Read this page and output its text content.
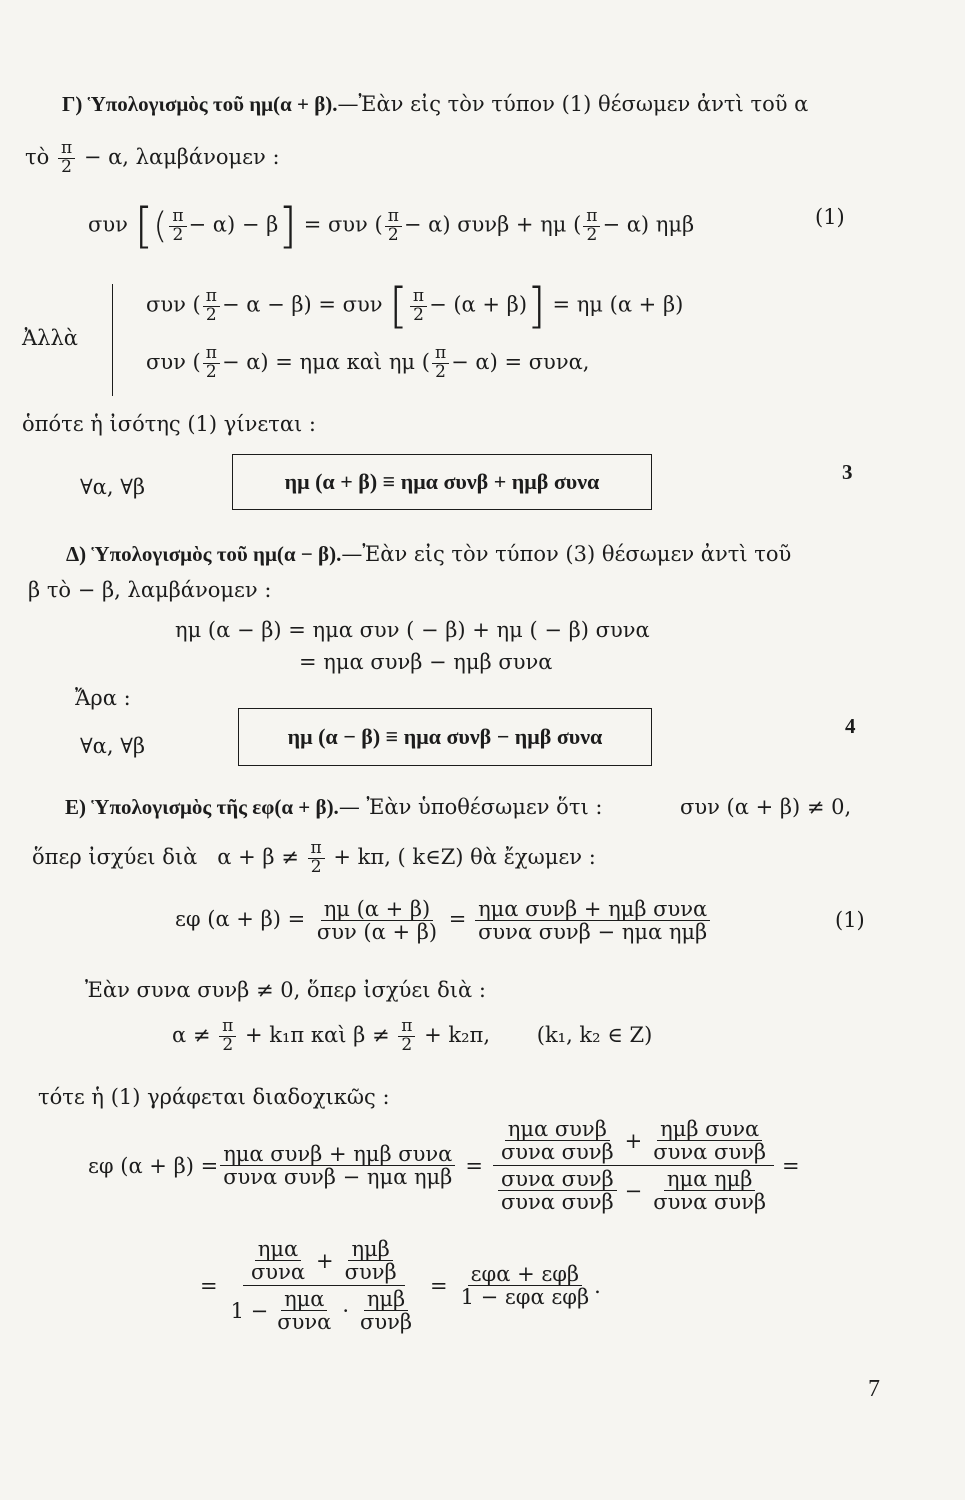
Γ) Ὑπολογισμὸς τοῦ ημ(α + β).—Ἐὰν εἰς τὸν τύπον (1) θέσωμεν ἀντὶ τοῦ α
τὸ $\frac{\pi}{2} - \alpha$, λαμβάνομεν :
συν [( $\frac{\pi}{2} - \alpha) - \beta] = \sigma\upsilon\nu$ ( $\frac{\pi}{2} - \alpha$) συνβ + ημ ( $\frac{\pi}{2} - \alpha$) ημβ	(1)
Ἀλλὰ
συν ( $\frac{\pi}{2} - \alpha - \beta) = \sigma\upsilon\nu$ [ $\frac{\pi}{2} - (\alpha + \beta)] = \eta\mu$ (α + β)
συν ( $\frac{\pi}{2} - \alpha) = \eta\mu\alpha$ καὶ ημ ( $\frac{\pi}{2} - \alpha) = \sigma\upsilon\nu\alpha$,
ὁπότε ἡ ἰσότης (1) γίνεται :
∀α, ∀β	ημ (α + β) ≡ ημα συνβ + ημβ συνα	3
Δ) Ὑπολογισμὸς τοῦ ημ(α − β).—Ἐὰν εἰς τὸν τύπον (3) θέσωμεν ἀντὶ τοῦ
β τὸ − β, λαμβάνομεν :
ημ (α − β) = ημα συν ( − β) + ημ ( − β) συνα
= ημα συνβ − ημβ συνα
Ἄρα :
∀α, ∀β	ημ (α − β) ≡ ημα συνβ − ημβ συνα	4
Ε) Ὑπολογισμὸς τῆς εφ(α + β).— Ἐὰν ὑποθέσωμεν ὅτι :	συν (α + β) ≠ 0,
ὅπερ ἰσχύει διὰ $\alpha + \beta \ne \frac{\pi}{2} + k\pi$, ( k∈Z) θὰ ἔχωμεν :
εφ $(\alpha + \beta) = \frac{\eta\mu (\alpha + \beta)}{\text{συν (α + β)}} = \frac{\text{ημα συνβ + ημβ συνα}}{\text{συνα συνβ − ημα ημβ}}$	(1)
Ἐὰν συνα συνβ ≠ 0, ὅπερ ἰσχύει διὰ :
$\alpha \ne \frac{\pi}{2} + k_1\pi$ καὶ $\beta \ne \frac{\pi}{2} + k_2\pi$, (k₁, k₂ ∈ Z)
τότε ἡ (1) γράφεται διαδοχικῶς :
εφ $(\alpha + \beta) = \frac{\text{ημα συνβ + ημβ συνα}}{\text{συνα συνβ − ημα ημβ}} = \frac{\frac{\text{ημα συνβ}}{\text{συνα συνβ}} + \frac{\text{ημβ συνα}}{\text{συνα συνβ}}}{\frac{\text{συνα συνβ}}{\text{συνα συνβ}} - \frac{\text{ημα ημβ}}{\text{συνα συνβ}}}$ =
= $\frac{\frac{\text{ημα}}{\text{συνα}} + \frac{\text{ημβ}}{\text{συνβ}}}{1 - \frac{\text{ημα}}{\text{συνα}} \cdot \frac{\text{ημβ}}{\text{συνβ}}} = \frac{\text{εφα + εφβ}}{\text{1 − εφα εφβ}}$ .
7
